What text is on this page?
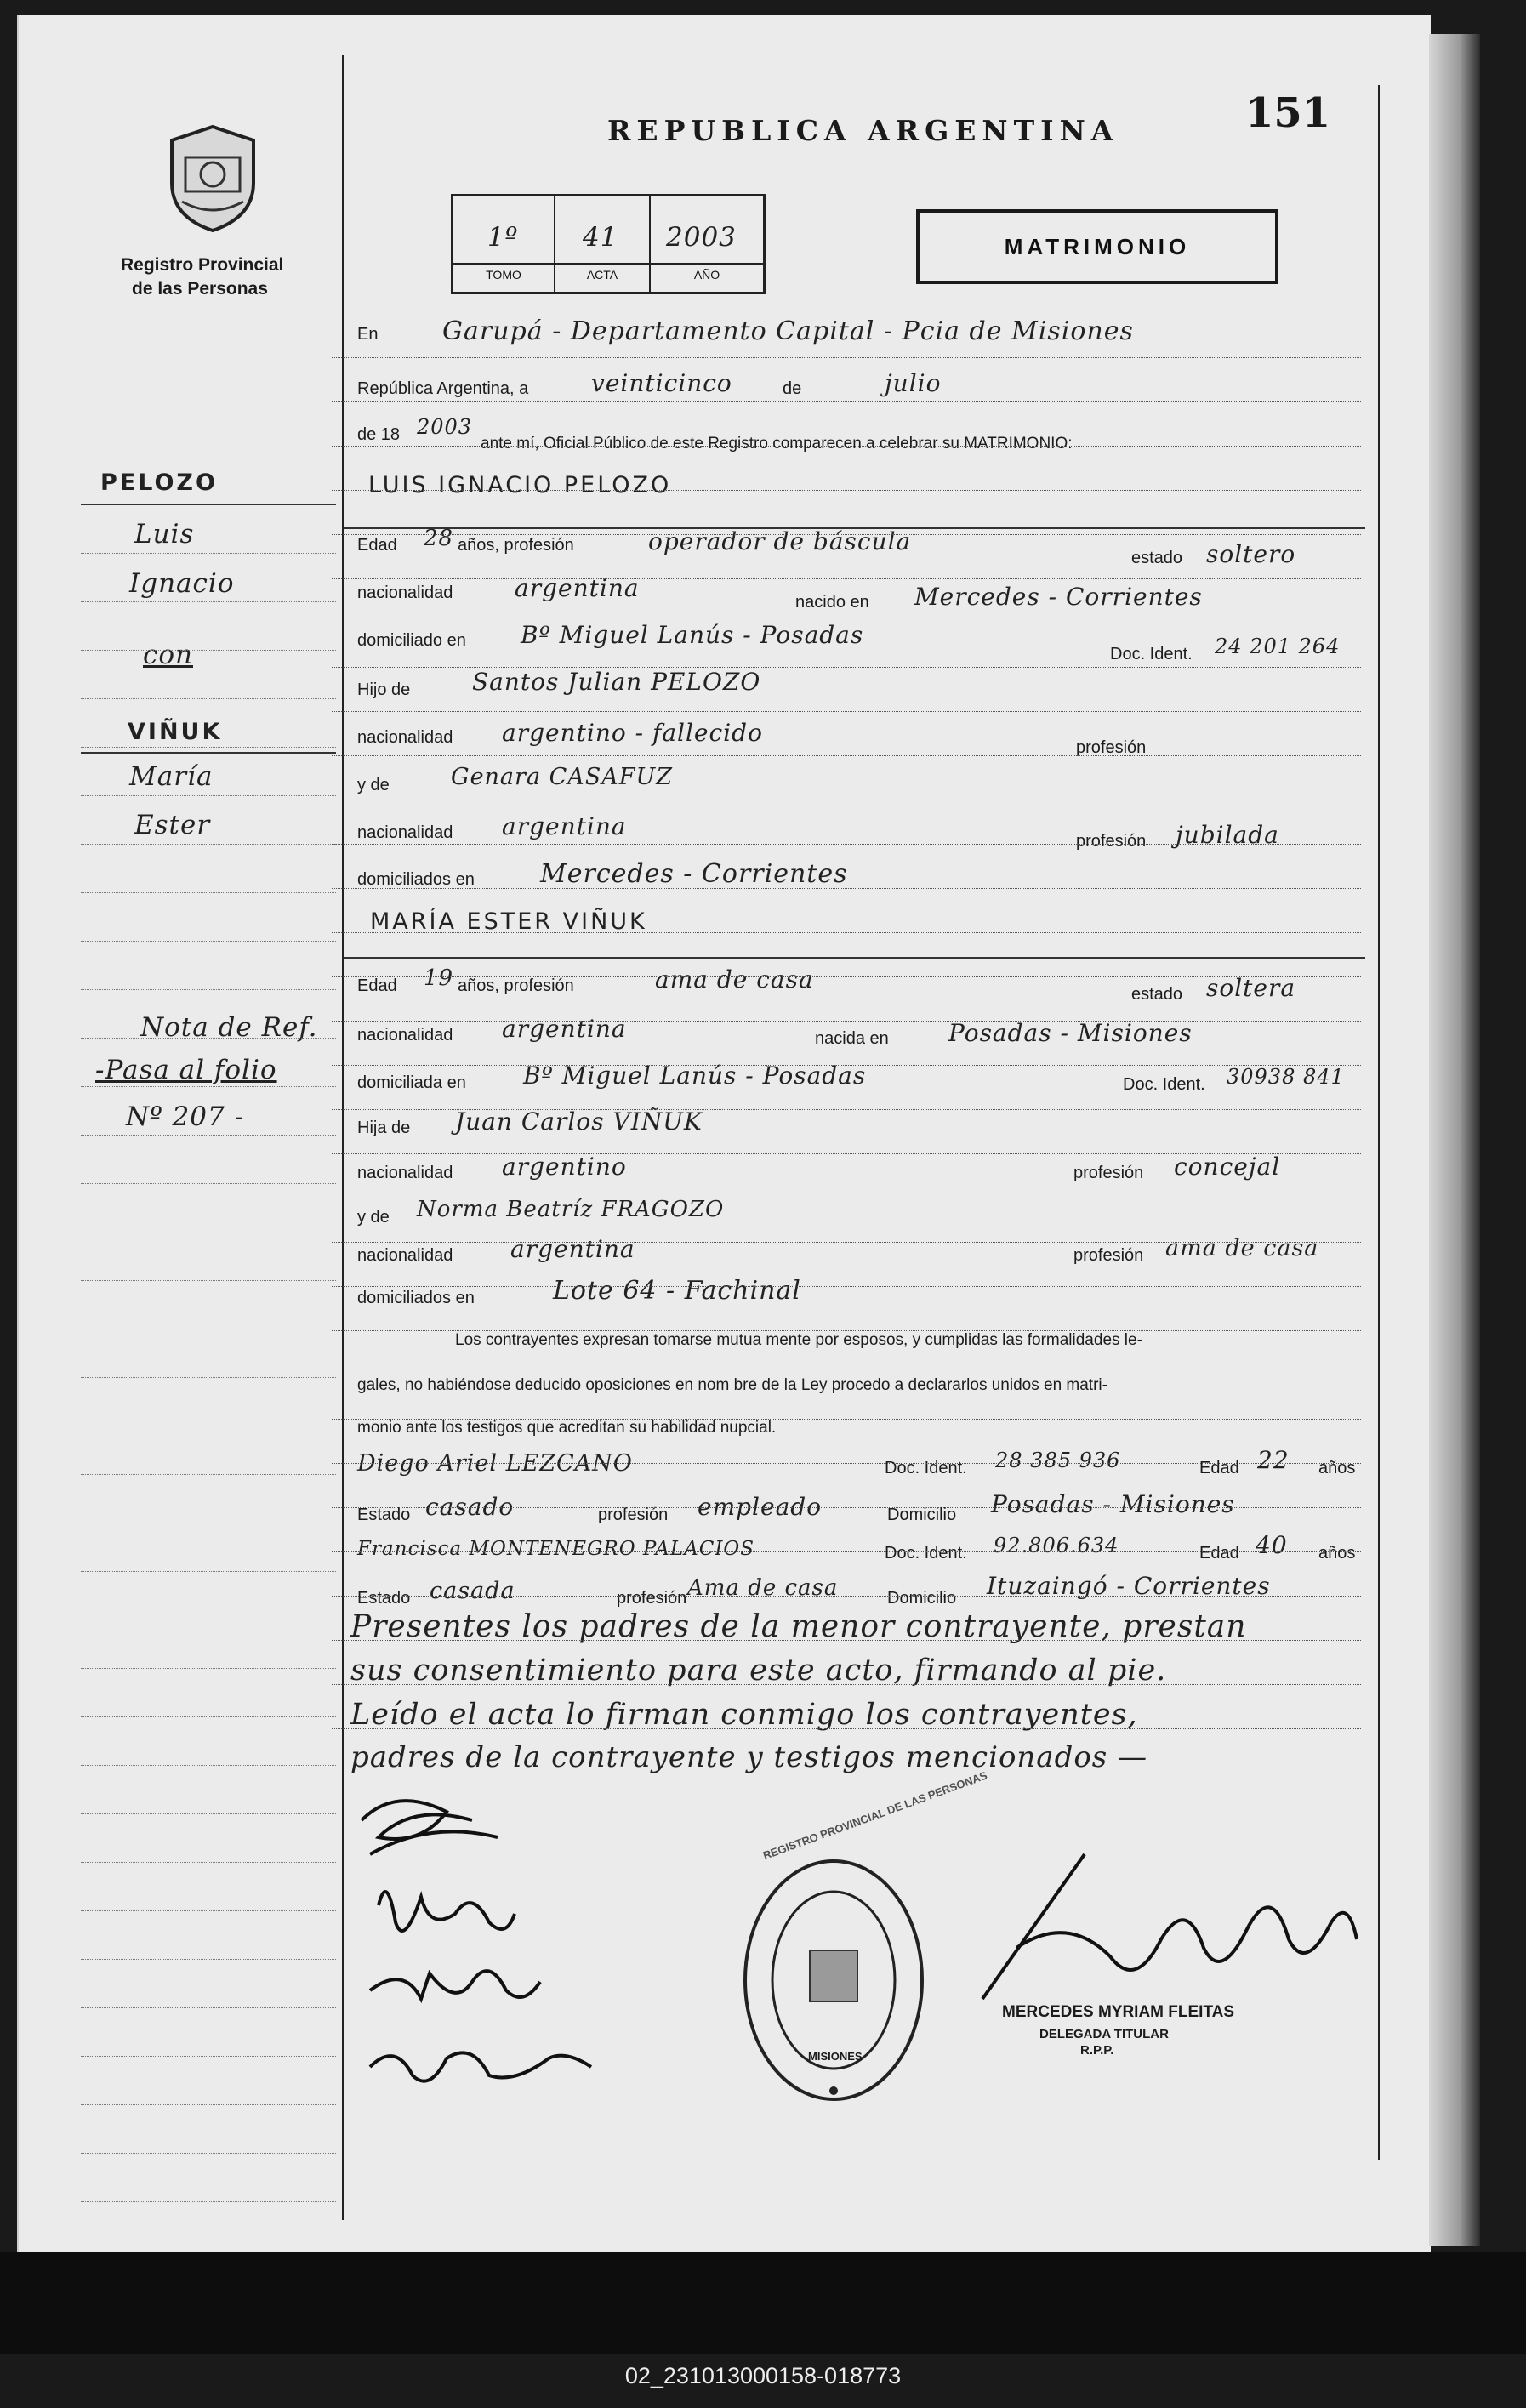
Registro Provincial
de las Personas
REPUBLICA ARGENTINA	151
1º 41 2003
TOMO	ACTA	AÑO
MATRIMONIO
PELOZO
Luis
Ignacio
con
VIÑUK
María
Ester
Nota de Ref.
-Pasa al folio
Nº 207 -
En	Garupá - Departamento Capital - Pcia de Misiones
República Argentina, a	veinticinco	de	julio
de 18 2003
ante mí, Oficial Público de este Registro comparecen a celebrar su MATRIMONIO:
LUIS IGNACIO PELOZO
Edad 28 años, profesión	operador de báscula
estado soltero
nacionalidad	argentina	nacido en Mercedes - Corrientes
domiciliado en Bº Miguel Lanús - Posadas
Doc. Ident. 24 201 264
Hijo de	Santos Julian PELOZO
nacionalidad argentino - fallecido
profesión
y de	Genara CASAFUZ
nacionalidad argentina
profesión jubilada
domiciliados en	Mercedes - Corrientes
MARÍA ESTER VIÑUK
Edad 19 años, profesión	ama de casa
estado soltera
nacionalidad argentina	nacida en	Posadas - Misiones
domiciliada en Bº Miguel Lanús - Posadas	Doc. Ident. 30938 841
Hija de Juan Carlos VIÑUK
nacionalidad argentino	profesión concejal
y de Norma Beatríz FRAGOZO
nacionalidad argentina	profesión ama de casa
domiciliados en	Lote 64 - Fachinal
Los contrayentes expresan tomarse mutua mente por esposos, y cumplidas las formalidades le-
gales, no habiéndose deducido oposiciones en nom bre de la Ley procedo a declararlos unidos en matri-
monio ante los testigos que acreditan su habilidad nupcial.
Diego Ariel LEZCANO	Doc. Ident. 28 385 936	Edad 22 años
Estado casado	profesión empleado	Domicilio Posadas - Misiones
Francisca MONTENEGRO PALACIOS	Doc. Ident. 92.806.634	Edad 40 años
Estado casada	profesión Ama de casa	Domicilio Ituzaingó - Corrientes
Presentes los padres de la menor contrayente, prestan
sus consentimiento para este acto, firmando al pie.
Leído el acta lo firman conmigo los contrayentes,
padres de la contrayente y testigos mencionados —
REGISTRO PROVINCIAL DE LAS PERSONAS
MISIONES
MERCEDES MYRIAM FLEITAS
DELEGADA TITULAR
R.P.P.
02_231013000158-018773
